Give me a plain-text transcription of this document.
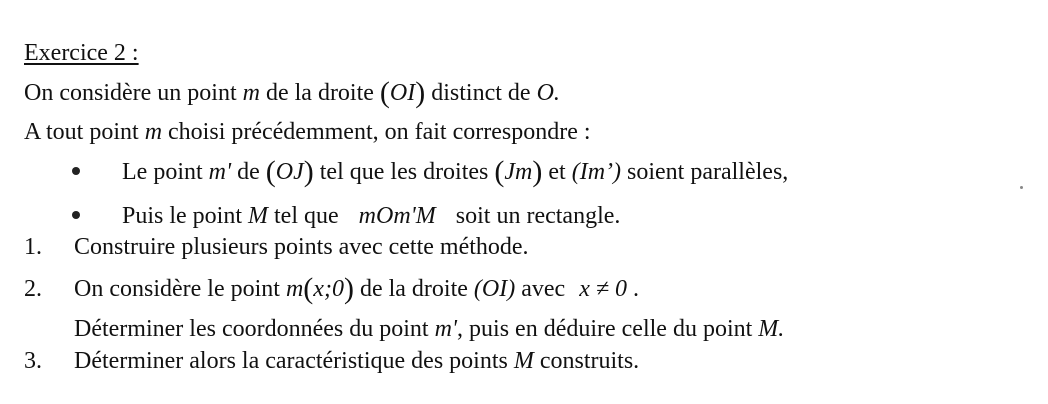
Exercice 2 :
On considère un point m de la droite (OI) distinct de O.
A tout point m choisi précédemment, on fait correspondre :
Le point m' de (OJ) tel que les droites (Jm) et (Im’) soient parallèles,
Puis le point M tel que mOm'M soit un rectangle.
1. Construire plusieurs points avec cette méthode.
2. On considère le point m(x;0) de la droite (OI) avec x ≠ 0 .
Déterminer les coordonnées du point m', puis en déduire celle du point M.
3. Déterminer alors la caractéristique des points M construits.
